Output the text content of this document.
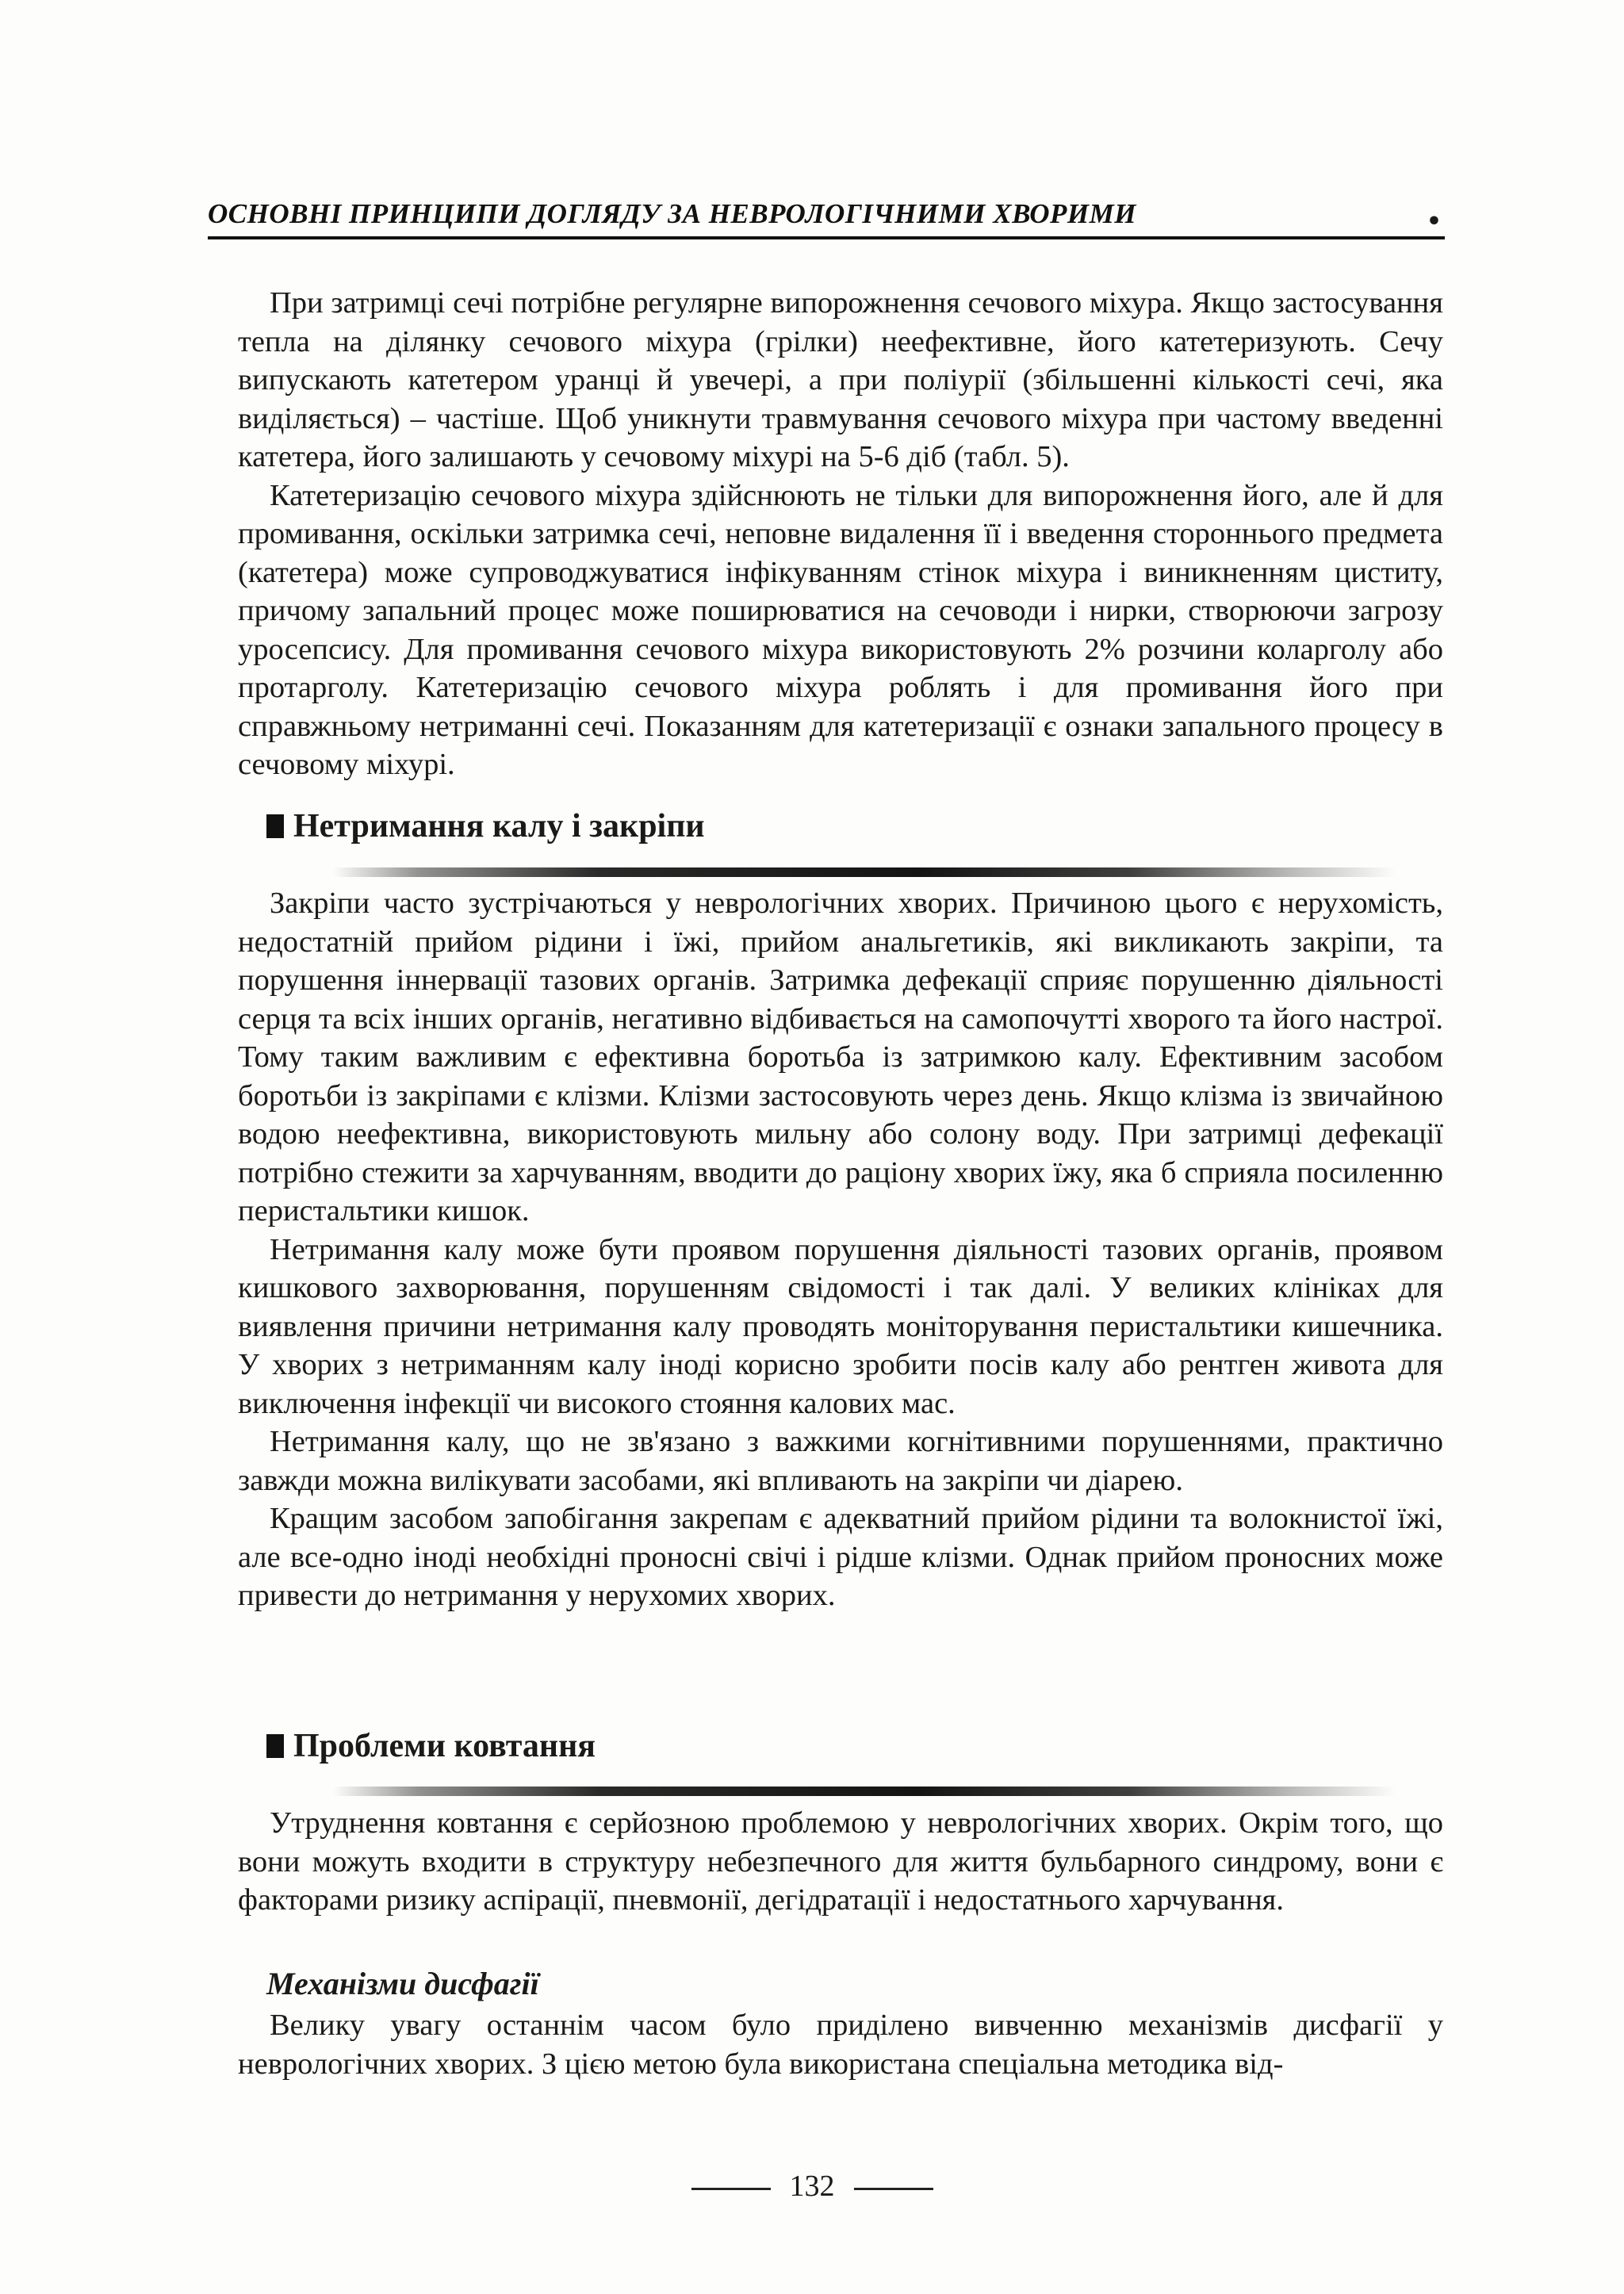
ОСНОВНІ ПРИНЦИПИ ДОГЛЯДУ ЗА НЕВРОЛОГІЧНИМИ ХВОРИМИ	•

При затримці сечі потрібне регулярне випорожнення сечового міхура. Якщо застосування тепла на ділянку сечового міхура (грілки) неефективне, його катетеризують. Сечу випускають катетером уранці й увечері, а при поліурії (збільшенні кількості сечі, яка виділяється) – частіше. Щоб уникнути травмування сечового міхура при частому введенні катетера, його залишають у сечовому міхурі на 5-6 діб (табл. 5).

Катетеризацію сечового міхура здійснюють не тільки для випорожнення його, але й для промивання, оскільки затримка сечі, неповне видалення її і введення стороннього предмета (катетера) може супроводжуватися інфікуванням стінок міхура і виникненням циститу, причому запальний процес може поширюватися на сечоводи і нирки, створюючи загрозу уросепсису. Для промивання сечового міхура використовують 2% розчини коларголу або протарголу. Катетеризацію сечового міхура роблять і для промивання його при справжньому нетриманні сечі. Показанням для катетеризації є ознаки запального процесу в сечовому міхурі.

Нетримання калу і закріпи

Закріпи часто зустрічаються у неврологічних хворих. Причиною цього є нерухомість, недостатній прийом рідини і їжі, прийом анальгетиків, які викликають закріпи, та порушення іннервації тазових органів. Затримка дефекації сприяє порушенню діяльності серця та всіх інших органів, негативно відбивається на самопочутті хворого та його настрої. Тому таким важливим є ефективна боротьба із затримкою калу. Ефективним засобом боротьби із закріпами є клізми. Клізми застосовують через день. Якщо клізма із звичайною водою неефективна, використовують мильну або солону воду. При затримці дефекації потрібно стежити за харчуванням, вводити до раціону хворих їжу, яка б сприяла посиленню перистальтики кишок.

Нетримання калу може бути проявом порушення діяльності тазових органів, проявом кишкового захворювання, порушенням свідомості і так далі. У великих клініках для виявлення причини нетримання калу проводять моніторування перистальтики кишечника. У хворих з нетриманням калу іноді корисно зробити посів калу або рентген живота для виключення інфекції чи високого стояння калових мас.

Нетримання калу, що не зв'язано з важкими когнітивними порушеннями, практично завжди можна вилікувати засобами, які впливають на закріпи чи діарею.

Кращим засобом запобігання закрепам є адекватний прийом рідини та волокнистої їжі, але все-одно іноді необхідні проносні свічі і рідше клізми. Однак прийом проносних може привести до нетримання у нерухомих хворих.

Проблеми ковтання

Утруднення ковтання є серйозною проблемою у неврологічних хворих. Окрім того, що вони можуть входити в структуру небезпечного для життя бульбарного синдрому, вони є факторами ризику аспірації, пневмонії, дегідратації і недостатнього харчування.

Механізми дисфагії

Велику увагу останнім часом було приділено вивченню механізмів дисфагії у неврологічних хворих. З цією метою була використана спеціальна методика від-

132
